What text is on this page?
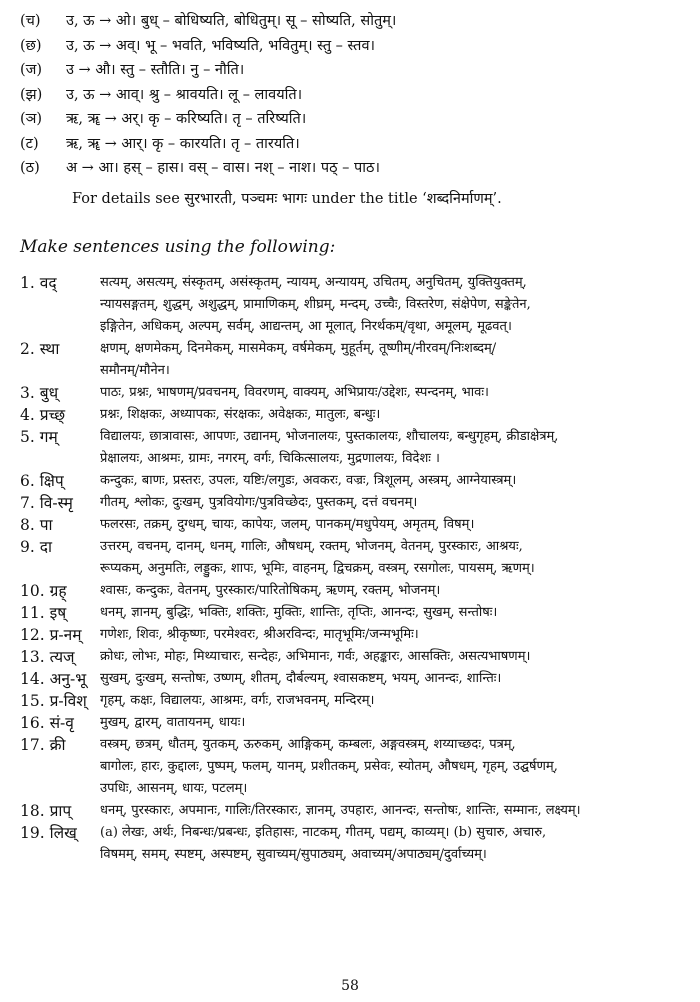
(च)	उ, ऊ → ओ। बुध् – बोधिष्यति, बोधितुम्। सू – सोष्यति, सोतुम्।
(छ)	उ, ऊ → अव्। भू – भवति, भविष्यति, भवितुम्। स्तु – स्तव।
(ज)	उ → औ। स्तु – स्तौति। नु – नौति।
(झ)	उ, ऊ → आव्। श्रु – श्रावयति। लू – लावयति।
(ञ)	ऋ, ॠ → अर्। कृ – करिष्यति। तृ – तरिष्यति।
(ट)	ऋ, ॠ → आर्। कृ – कारयति। तृ – तारयति।
(ठ)	अ → आ। हस् – हास। वस् – वास। नश् – नाश। पठ् – पाठ।
For details see सुरभारती, पञ्चमः भागः under the title ‘शब्दनिर्माणम्’.
Make sentences using the following:
1. वद्	सत्यम्, असत्यम्, संस्कृतम्, असंस्कृतम्, न्यायम्, अन्यायम्, उचितम्, अनुचितम्, युक्तियुक्तम्,
न्यायसङ्गतम्, शुद्धम्, अशुद्धम्, प्रामाणिकम्, शीघ्रम्, मन्दम्, उच्चैः, विस्तरेण, संक्षेपेण, सङ्केतेन,
इङ्गितेन, अधिकम्, अल्पम्, सर्वम्, आद्यन्तम्, आ मूलात्, निरर्थकम्/वृथा, अमूलम्, मूढवत्।
2. स्था	क्षणम्, क्षणमेकम्, दिनमेकम्, मासमेकम्, वर्षमेकम्, मुहूर्तम्, तूष्णीम्/नीरवम्/निःशब्दम्/
समौनम्/मौनेन।
3. बुध्	पाठः, प्रश्नः, भाषणम्/प्रवचनम्, विवरणम्, वाक्यम्, अभिप्रायः/उद्देशः, स्पन्दनम्, भावः।
4. प्रच्छ्	प्रश्नः, शिक्षकः, अध्यापकः, संरक्षकः, अवेक्षकः, मातुलः, बन्धुः।
5. गम्	विद्यालयः, छात्रावासः, आपणः, उद्यानम्, भोजनालयः, पुस्तकालयः, शौचालयः, बन्धुगृहम्, क्रीडाक्षेत्रम्,
प्रेक्षालयः, आश्रमः, ग्रामः, नगरम्, वर्गः, चिकित्सालयः, मुद्रणालयः, विदेशः ।
6. क्षिप्	कन्दुकः, बाणः, प्रस्तरः, उपलः, यष्टिः/लगुडः, अवकरः, वज्रः, त्रिशूलम्, अस्त्रम्, आग्नेयास्त्रम्।
7. वि-स्मृ	गीतम्, श्लोकः, दुःखम्, पुत्रवियोगः/पुत्रविच्छेदः, पुस्तकम्, दत्तं वचनम्।
8. पा	फलरसः, तक्रम्, दुग्धम्, चायः, कापेयः, जलम्, पानकम्/मधुपेयम्, अमृतम्, विषम्।
9. दा	उत्तरम्, वचनम्, दानम्, धनम्, गालिः, औषधम्, रक्तम्, भोजनम्, वेतनम्, पुरस्कारः, आश्रयः,
रूप्यकम्, अनुमतिः, लड्डुकः, शापः, भूमिः, वाहनम्, द्विचक्रम्, वस्त्रम्, रसगोलः, पायसम्, ऋणम्।
10. ग्रह्	श्वासः, कन्दुकः, वेतनम्, पुरस्कारः/पारितोषिकम्, ऋणम्, रक्तम्, भोजनम्।
11. इष्	धनम्, ज्ञानम्, बुद्धिः, भक्तिः, शक्तिः, मुक्तिः, शान्तिः, तृप्तिः, आनन्दः, सुखम्, सन्तोषः।
12. प्र-नम्	गणेशः, शिवः, श्रीकृष्णः, परमेश्वरः, श्रीअरविन्दः, मातृभूमिः/जन्मभूमिः।
13. त्यज्	क्रोधः, लोभः, मोहः, मिथ्याचारः, सन्देहः, अभिमानः, गर्वः, अहङ्कारः, आसक्तिः, असत्यभाषणम्।
14. अनु-भू	सुखम्, दुःखम्, सन्तोषः, उष्णम्, शीतम्, दौर्बल्यम्, श्वासकष्टम्, भयम्, आनन्दः, शान्तिः।
15. प्र-विश्	गृहम्, कक्षः, विद्यालयः, आश्रमः, वर्गः, राजभवनम्, मन्दिरम्।
16. सं-वृ	मुखम्, द्वारम्, वातायनम्, धायः।
17. क्री	वस्त्रम्, छत्रम्, धौतम्, युतकम्, ऊरुकम्, आङ्गिकम्, कम्बलः, अङ्गवस्त्रम्, शय्याच्छदः, पत्रम्,
बागोलः, हारः, कुद्दालः, पुष्पम्, फलम्, यानम्, प्रशीतकम्, प्रसेवः, स्योतम्, औषधम्, गृहम्, उद्घर्षणम्,
उपधिः, आसनम्, धायः, पटलम्।
18. प्राप्	धनम्, पुरस्कारः, अपमानः, गालिः/तिरस्कारः, ज्ञानम्, उपहारः, आनन्दः, सन्तोषः, शान्तिः, सम्मानः, लक्ष्यम्।
19. लिख्	(a) लेखः, अर्थः, निबन्धः/प्रबन्धः, इतिहासः, नाटकम्, गीतम्, पद्यम्, काव्यम्। (b) सुचारु, अचारु,
विषमम्, समम्, स्पष्टम्, अस्पष्टम्, सुवाच्यम्/सुपाठ्यम्, अवाच्यम्/अपाठ्यम्/दुर्वाच्यम्।
58
